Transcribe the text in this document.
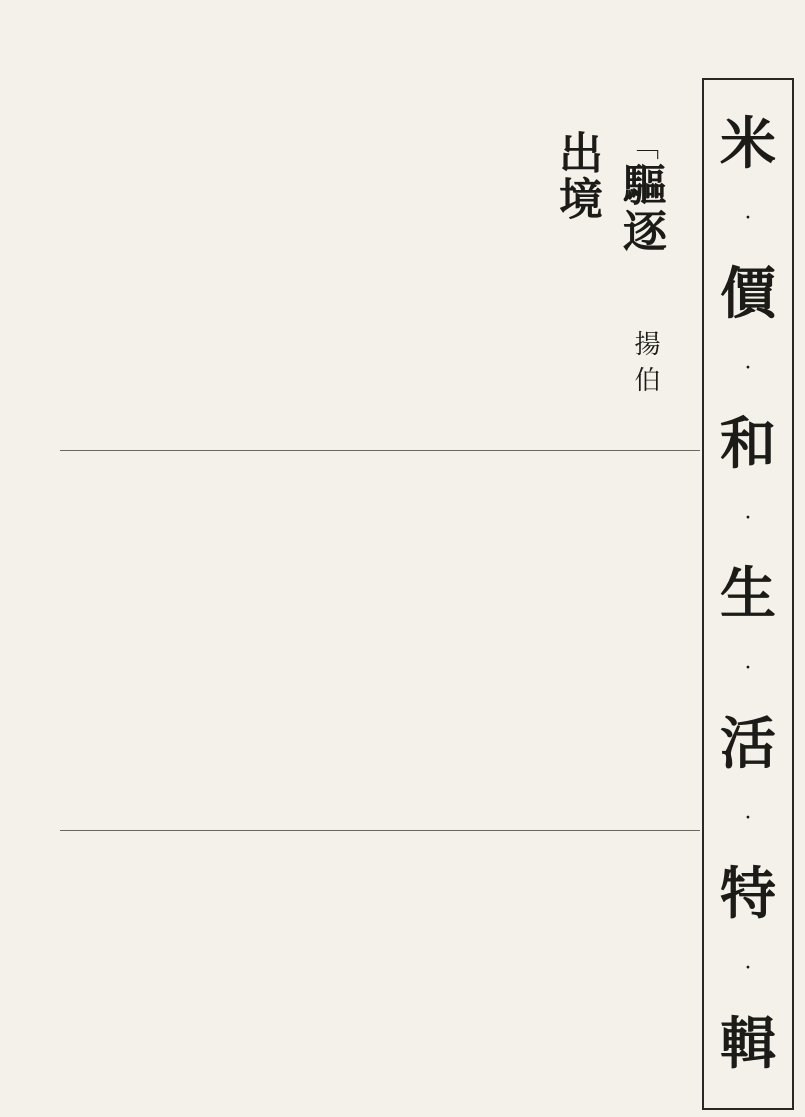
米
·
價
·
和
·
生
·
活
·
特
·
輯
「 驅逐出境
揚伯
